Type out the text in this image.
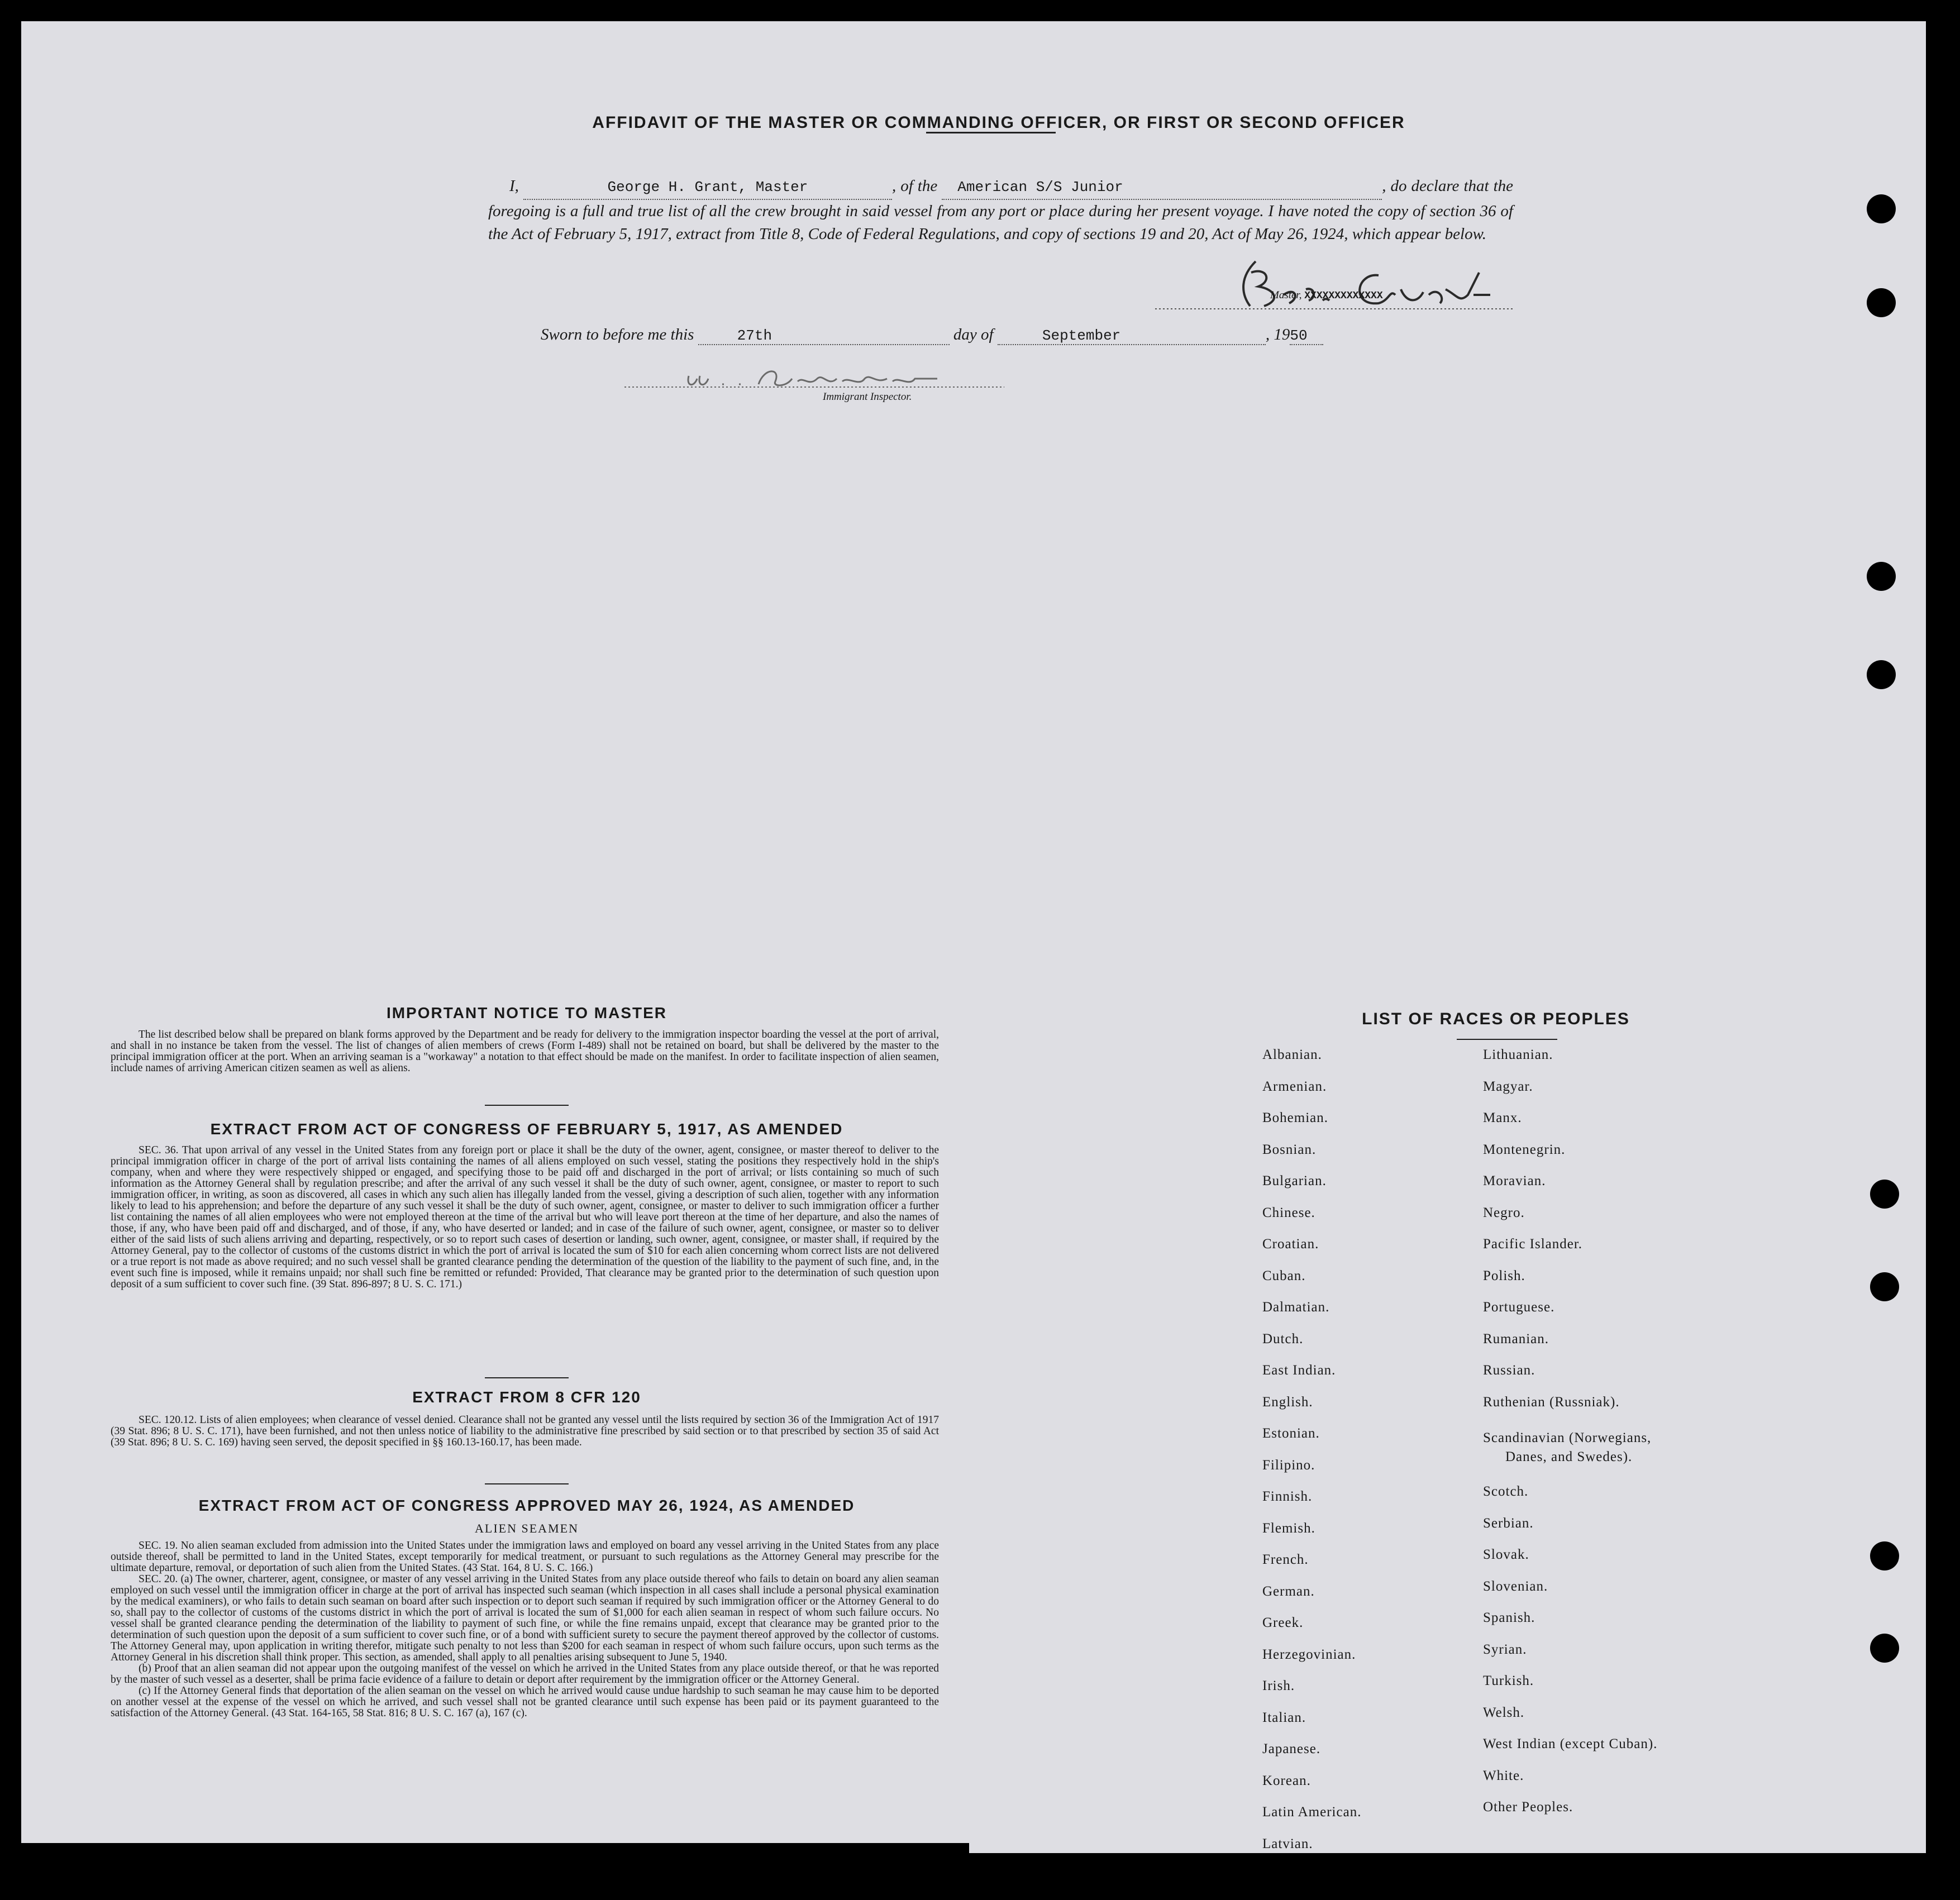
AFFIDAVIT OF THE MASTER OR COMMANDING OFFICER, OR FIRST OR SECOND OFFICER
I,	George H. Grant, Master	, of the American S/S Junior	, do declare that the foregoing is a full and true list of all the crew brought in said vessel from any port or place during her present voyage. I have noted the copy of section 36 of the Act of February 5, 1917, extract from Title 8, Code of Federal Regulations, and copy of sections 19 and 20, Act of May 26, 1924, which appear below.
Master, XXXXXXXXXXXXX
Sworn to before me this	27th	day of	September	, 1950
Immigrant Inspector.
IMPORTANT NOTICE TO MASTER
The list described below shall be prepared on blank forms approved by the Department and be ready for delivery to the immigration inspector boarding the vessel at the port of arrival, and shall in no instance be taken from the vessel. The list of changes of alien members of crews (Form I-489) shall not be retained on board, but shall be delivered by the master to the principal immigration officer at the port. When an arriving seaman is a "workaway" a notation to that effect should be made on the manifest. In order to facilitate inspection of alien seamen, include names of arriving American citizen seamen as well as aliens.
EXTRACT FROM ACT OF CONGRESS OF FEBRUARY 5, 1917, AS AMENDED
SEC. 36. That upon arrival of any vessel in the United States from any foreign port or place it shall be the duty of the owner, agent, consignee, or master thereof to deliver to the principal immigration officer in charge of the port of arrival lists containing the names of all aliens employed on such vessel, stating the positions they respectively hold in the ship's company, when and where they were respectively shipped or engaged, and specifying those to be paid off and discharged in the port of arrival; or lists containing so much of such information as the Attorney General shall by regulation prescribe; and after the arrival of any such vessel it shall be the duty of such owner, agent, consignee, or master to report to such immigration officer, in writing, as soon as discovered, all cases in which any such alien has illegally landed from the vessel, giving a description of such alien, together with any information likely to lead to his apprehension; and before the departure of any such vessel it shall be the duty of such owner, agent, consignee, or master to deliver to such immigration officer a further list containing the names of all alien employees who were not employed thereon at the time of the arrival but who will leave port thereon at the time of her departure, and also the names of those, if any, who have been paid off and discharged, and of those, if any, who have deserted or landed; and in case of the failure of such owner, agent, consignee, or master so to deliver either of the said lists of such aliens arriving and departing, respectively, or so to report such cases of desertion or landing, such owner, agent, consignee, or master shall, if required by the Attorney General, pay to the collector of customs of the customs district in which the port of arrival is located the sum of $10 for each alien concerning whom correct lists are not delivered or a true report is not made as above required; and no such vessel shall be granted clearance pending the determination of the question of the liability to the payment of such fine, and, in the event such fine is imposed, while it remains unpaid; nor shall such fine be remitted or refunded: Provided, That clearance may be granted prior to the determination of such question upon deposit of a sum sufficient to cover such fine. (39 Stat. 896-897; 8 U. S. C. 171.)
EXTRACT FROM 8 CFR 120
SEC. 120.12. Lists of alien employees; when clearance of vessel denied. Clearance shall not be granted any vessel until the lists required by section 36 of the Immigration Act of 1917 (39 Stat. 896; 8 U. S. C. 171), have been furnished, and not then unless notice of liability to the administrative fine prescribed by said section or to that prescribed by section 35 of said Act (39 Stat. 896; 8 U. S. C. 169) having seen served, the deposit specified in §§ 160.13-160.17, has been made.
EXTRACT FROM ACT OF CONGRESS APPROVED MAY 26, 1924, AS AMENDED
ALIEN SEAMEN
SEC. 19. No alien seaman excluded from admission into the United States under the immigration laws and employed on board any vessel arriving in the United States from any place outside thereof, shall be permitted to land in the United States, except temporarily for medical treatment, or pursuant to such regulations as the Attorney General may prescribe for the ultimate departure, removal, or deportation of such alien from the United States. (43 Stat. 164, 8 U. S. C. 166.)
SEC. 20. (a) The owner, charterer, agent, consignee, or master of any vessel arriving in the United States from any place outside thereof who fails to detain on board any alien seaman employed on such vessel until the immigration officer in charge at the port of arrival has inspected such seaman (which inspection in all cases shall include a personal physical examination by the medical examiners), or who fails to detain such seaman on board after such inspection or to deport such seaman if required by such immigration officer or the Attorney General to do so, shall pay to the collector of customs of the customs district in which the port of arrival is located the sum of $1,000 for each alien seaman in respect of whom such failure occurs. No vessel shall be granted clearance pending the determination of the liability to payment of such fine, or while the fine remains unpaid, except that clearance may be granted prior to the determination of such question upon the deposit of a sum sufficient to cover such fine, or of a bond with sufficient surety to secure the payment thereof approved by the collector of customs. The Attorney General may, upon application in writing therefor, mitigate such penalty to not less than $200 for each seaman in respect of whom such failure occurs, upon such terms as the Attorney General in his discretion shall think proper. This section, as amended, shall apply to all penalties arising subsequent to June 5, 1940.
(b) Proof that an alien seaman did not appear upon the outgoing manifest of the vessel on which he arrived in the United States from any place outside thereof, or that he was reported by the master of such vessel as a deserter, shall be prima facie evidence of a failure to detain or deport after requirement by the immigration officer or the Attorney General.
(c) If the Attorney General finds that deportation of the alien seaman on the vessel on which he arrived would cause undue hardship to such seaman he may cause him to be deported on another vessel at the expense of the vessel on which he arrived, and such vessel shall not be granted clearance until such expense has been paid or its payment guaranteed to the satisfaction of the Attorney General. (43 Stat. 164-165, 58 Stat. 816; 8 U. S. C. 167 (a), 167 (c).
LIST OF RACES OR PEOPLES
Albanian.
Armenian.
Bohemian.
Bosnian.
Bulgarian.
Chinese.
Croatian.
Cuban.
Dalmatian.
Dutch.
East Indian.
English.
Estonian.
Filipino.
Finnish.
Flemish.
French.
German.
Greek.
Herzegovinian.
Irish.
Italian.
Japanese.
Korean.
Latin American.
Latvian.
Lithuanian.
Magyar.
Manx.
Montenegrin.
Moravian.
Negro.
Pacific Islander.
Polish.
Portuguese.
Rumanian.
Russian.
Ruthenian (Russniak).
Scandinavian (Norwegians,
Danes, and Swedes).
Scotch.
Serbian.
Slovak.
Slovenian.
Spanish.
Syrian.
Turkish.
Welsh.
West Indian (except Cuban).
White.
Other Peoples.
